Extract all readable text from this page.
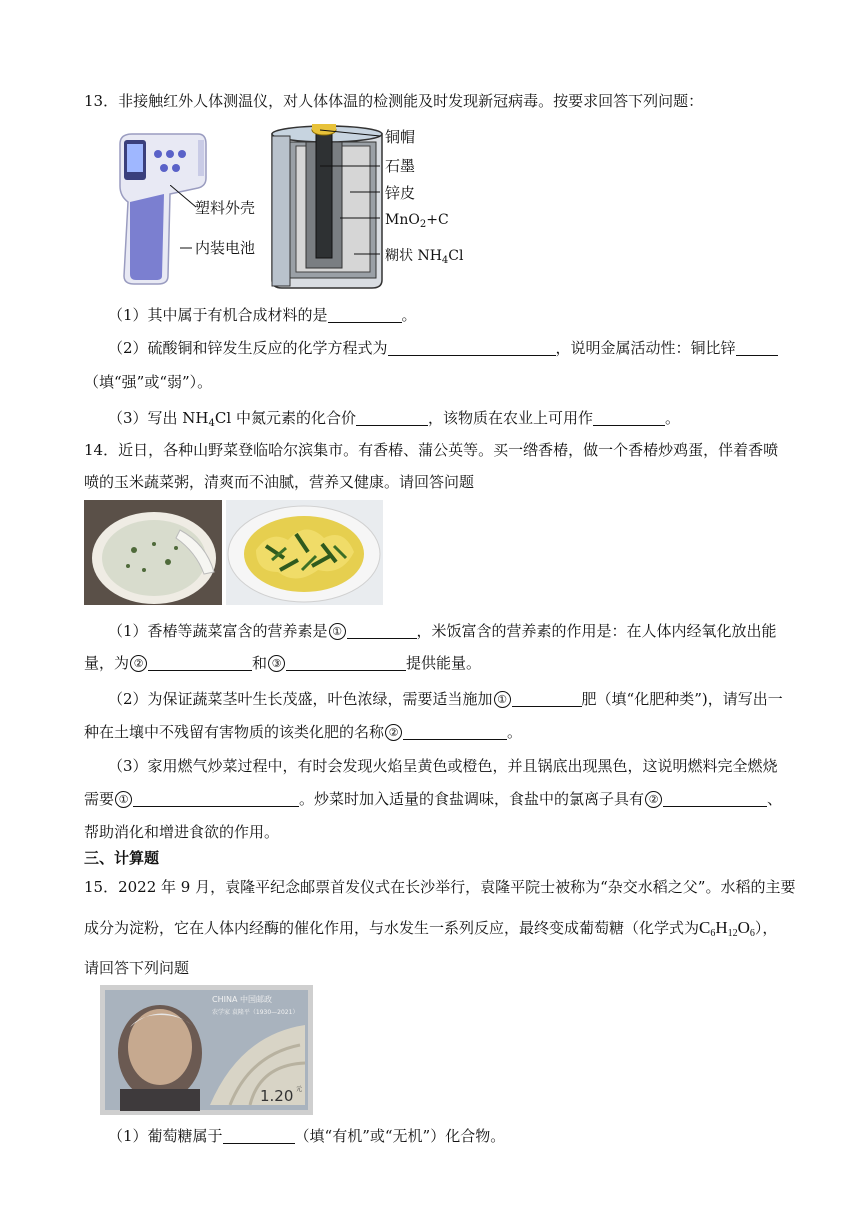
13．非接触红外人体测温仪，对人体体温的检测能及时发现新冠病毒。按要求回答下列问题：
塑料外壳
内装电池
铜帽
石墨
锌皮
MnO$_2$+C
糊状 $NH_4Cl$
（1）其中属于有机合成材料的是	。
（2）硫酸铜和锌发生反应的化学方程式为	，说明金属活动性：铜比锌
（填“强”或“弱”）。
（3）写出 $NH_4Cl$ 中氮元素的化合价	，该物质在农业上可用作	。
14．近日，各种山野菜登临哈尔滨集市。有香椿、蒲公英等。买一绺香椿，做一个香椿炒鸡蛋，伴着香喷
喷的玉米蔬菜粥，清爽而不油腻，营养又健康。请回答问题
（1）香椿等蔬菜富含的营养素是 ①	，米饭富含的营养素的作用是：在人体内经氧化放出能
量，为 ②	和 ③	提供能量。
（2）为保证蔬菜茎叶生长茂盛，叶色浓绿，需要适当施加 ①	肥（填“化肥种类”)，请写出一
种在土壤中不残留有害物质的该类化肥的名称 ②	。
（3）家用燃气炒菜过程中，有时会发现火焰呈黄色或橙色，并且锅底出现黑色，这说明燃料完全燃烧
需要 ①	。炒菜时加入适量的食盐调味，食盐中的氯离子具有 ②	、
帮助消化和增进食欲的作用。
三、计算题
15．2022 年 9 月，袁隆平纪念邮票首发仪式在长沙举行，袁隆平院士被称为“杂交水稻之父”。水稻的主要
成分为淀粉，它在人体内经酶的催化作用，与水发生一系列反应，最终变成葡萄糖（化学式为$C_6H_{12}O_6$），
请回答下列问题
CHINA 中国邮政
农学家 袁隆平（1930—2021）
1.20 元
（1）葡萄糖属于	（填“有机”或“无机”）化合物。
